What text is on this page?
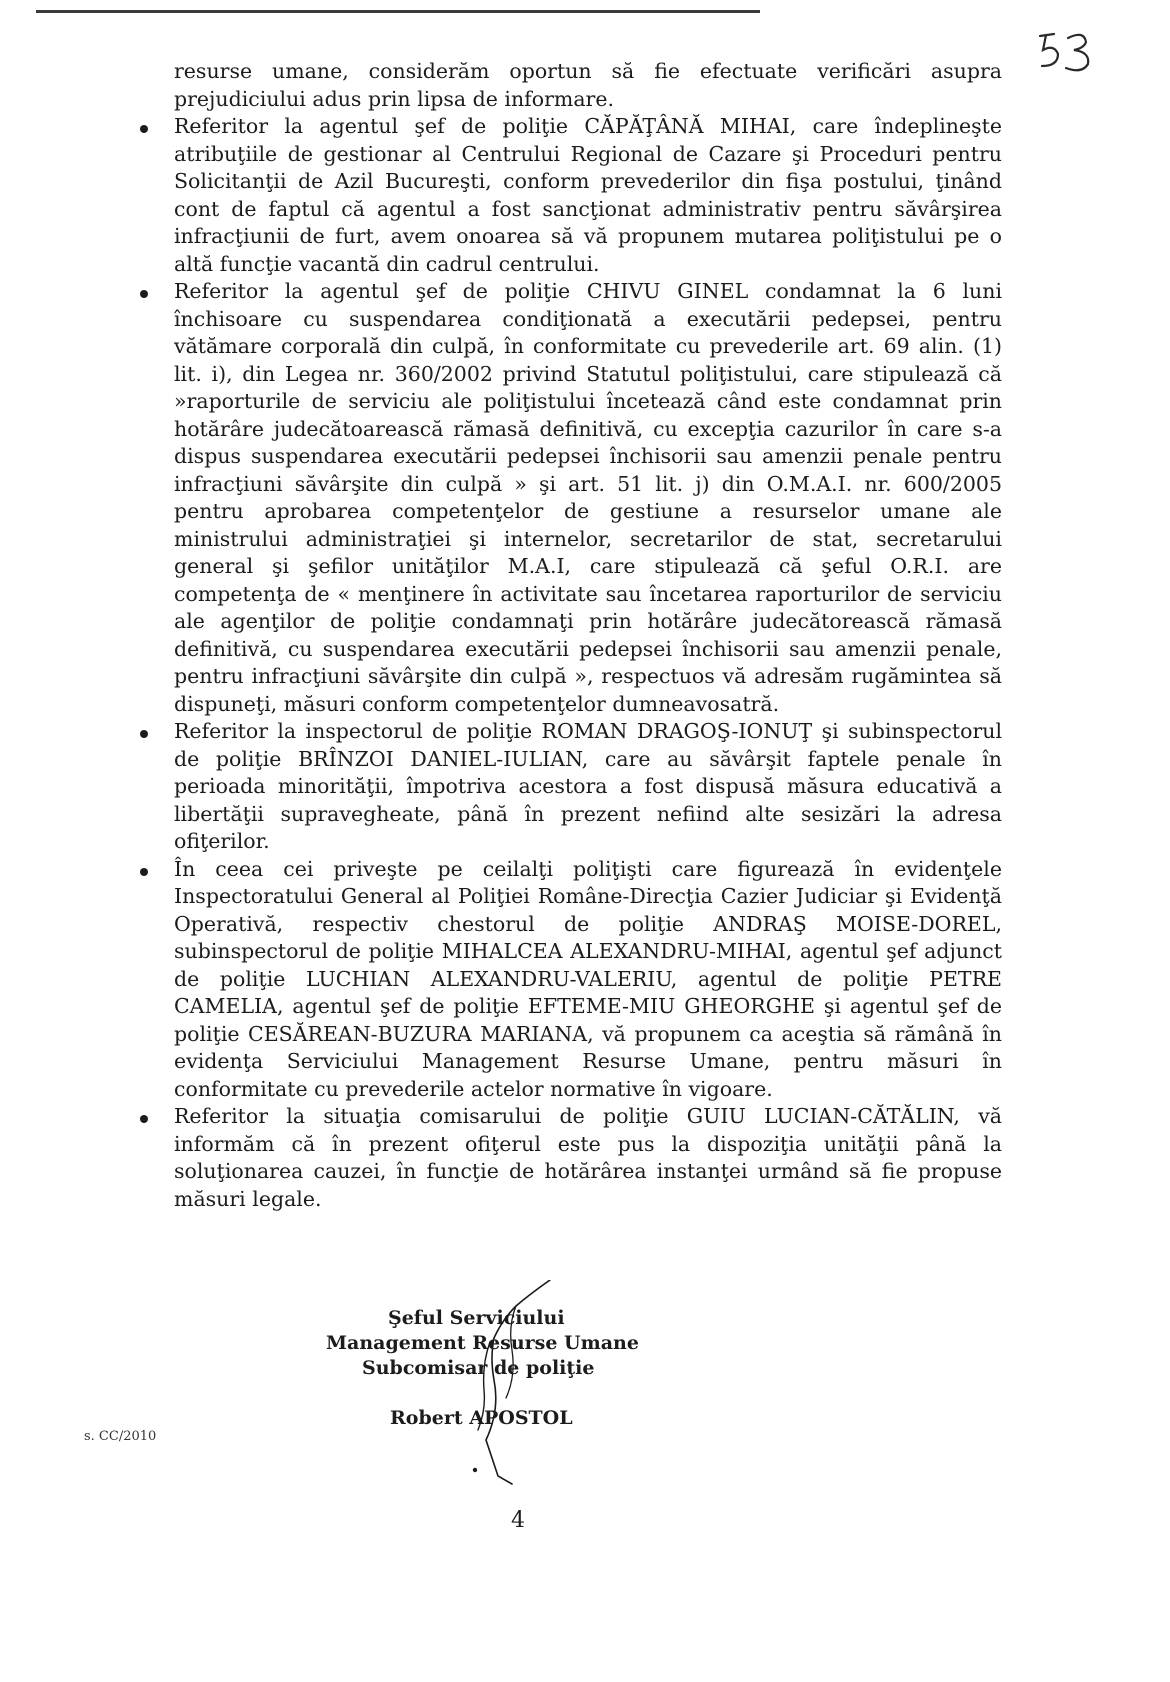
resurse umane, considerăm oportun să fie efectuate verificări asupra prejudiciului adus prin lipsa de informare.

Referitor la agentul şef de poliţie CĂPĂŢÂNĂ MIHAI, care îndeplineşte atribuţiile de gestionar al Centrului Regional de Cazare şi Proceduri pentru Solicitanţii de Azil Bucureşti, conform prevederilor din fişa postului, ţinând cont de faptul că agentul a fost sancţionat administrativ pentru săvârşirea infracţiunii de furt, avem onoarea să vă propunem mutarea poliţistului pe o altă funcţie vacantă din cadrul centrului.
Referitor la agentul şef de poliţie CHIVU GINEL condamnat la 6 luni închisoare cu suspendarea condiţionată a executării pedepsei, pentru vătămare corporală din culpă, în conformitate cu prevederile art. 69 alin. (1) lit. i), din Legea nr. 360/2002 privind Statutul poliţistului, care stipulează că »raporturile de serviciu ale poliţistului încetează când este condamnat prin hotărâre judecătoarească rămasă definitivă, cu excepţia cazurilor în care s-a dispus suspendarea executării pedepsei închisorii sau amenzii penale pentru infracţiuni săvârşite din culpă » şi art. 51 lit. j) din O.M.A.I. nr. 600/2005 pentru aprobarea competenţelor de gestiune a resurselor umane ale ministrului administraţiei şi internelor, secretarilor de stat, secretarului general şi şefilor unităţilor M.A.I, care stipulează că şeful O.R.I. are competenţa de « menţinere în activitate sau încetarea raporturilor de serviciu ale agenţilor de poliţie condamnaţi prin hotărâre judecătorească rămasă definitivă, cu suspendarea executării pedepsei închisorii sau amenzii penale, pentru infracţiuni săvârşite din culpă », respectuos vă adresăm rugămintea să dispuneţi, măsuri conform competenţelor dumneavosatră.
Referitor la inspectorul de poliţie ROMAN DRAGOŞ-IONUŢ şi subinspectorul de poliţie BRÎNZOI DANIEL-IULIAN, care au săvârşit faptele penale în perioada minorităţii, împotriva acestora a fost dispusă măsura educativă a libertăţii supravegheate, până în prezent nefiind alte sesizări la adresa ofiţerilor.
În ceea cei priveşte pe ceilalţi poliţişti care figurează în evidenţele Inspectoratului General al Poliţiei Române-Direcţia Cazier Judiciar şi Evidenţă Operativă, respectiv chestorul de poliţie ANDRAŞ MOISE-DOREL, subinspectorul de poliţie MIHALCEA ALEXANDRU-MIHAI, agentul şef adjunct de poliţie LUCHIAN ALEXANDRU-VALERIU, agentul de poliţie PETRE CAMELIA, agentul şef de poliţie EFTEME-MIU GHEORGHE şi agentul şef de poliţie CESĂREAN-BUZURA MARIANA, vă propunem ca aceştia să rămână în evidenţa Serviciului Management Resurse Umane, pentru măsuri în conformitate cu prevederile actelor normative în vigoare.
Referitor la situaţia comisarului de poliţie GUIU LUCIAN-CĂTĂLIN, vă informăm că în prezent ofiţerul este pus la dispoziţia unităţii până la soluţionarea cauzei, în funcţie de hotărârea instanţei urmând să fie propuse măsuri legale.
Şeful Serviciului
Management Resurse Umane
Subcomisar de poliţie
Robert APOSTOL
s. CC/2010
4
